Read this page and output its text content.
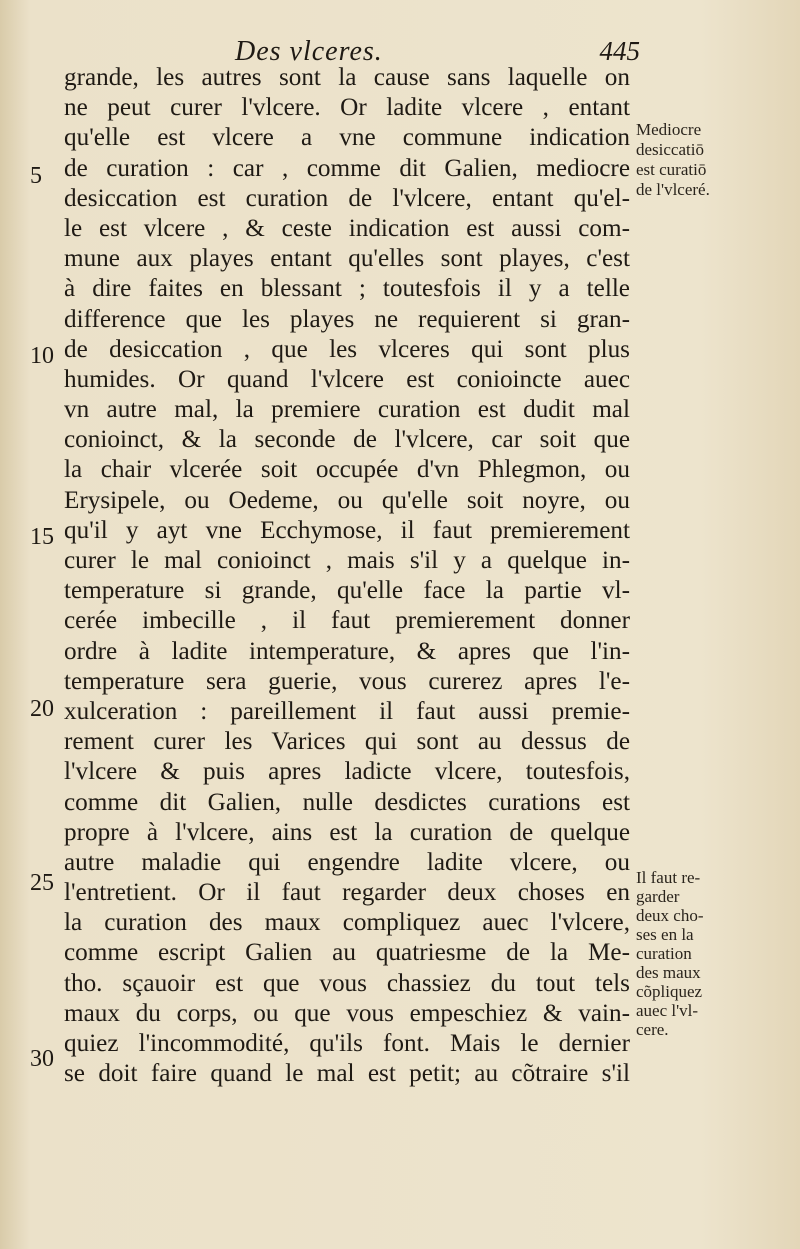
Des vlceres.	445
grande, les autres sont la cause sans laquelle on
ne peut curer l'vlcere. Or ladite vlcere , entant
qu'elle est vlcere a vne commune indication
de curation : car , comme dit Galien, mediocre
desiccation est curation de l'vlcere, entant qu'el-
le est vlcere , & ceste indication est aussi com-
mune aux playes entant qu'elles sont playes, c'est
à dire faites en blessant ; toutesfois il y a telle
difference que les playes ne requierent si gran-
de desiccation , que les vlceres qui sont plus
humides. Or quand l'vlcere est conioincte auec
vn autre mal, la premiere curation est dudit mal
conioinct, & la seconde de l'vlcere, car soit que
la chair vlcerée soit occupée d'vn Phlegmon, ou
Erysipele, ou Oedeme, ou qu'elle soit noyre, ou
qu'il y ayt vne Ecchymose, il faut premierement
curer le mal conioinct , mais s'il y a quelque in-
temperature si grande, qu'elle face la partie vl-
cerée imbecille , il faut premierement donner
ordre à ladite intemperature, & apres que l'in-
temperature sera guerie, vous curerez apres l'e-
xulceration : pareillement il faut aussi premie-
rement curer les Varices qui sont au dessus de
l'vlcere & puis apres ladicte vlcere, toutesfois,
comme dit Galien, nulle desdictes curations est
propre à l'vlcere, ains est la curation de quelque
autre maladie qui engendre ladite vlcere, ou
l'entretient. Or il faut regarder deux choses en
la curation des maux compliquez auec l'vlcere,
comme escript Galien au quatriesme de la Me-
tho. sçauoir est que vous chassiez du tout tels
maux du corps, ou que vous empeschiez & vain-
quiez l'incommodité, qu'ils font. Mais le dernier
se doit faire quand le mal est petit; au cõtraire s'il
5
10
15
20
25
30
Mediocre
desiccatiō
est curatiō
de l'vlceré.
Il faut re-
garder
deux cho-
ses en la
curation
des maux
cõpliquez
auec l'vl-
cere.
